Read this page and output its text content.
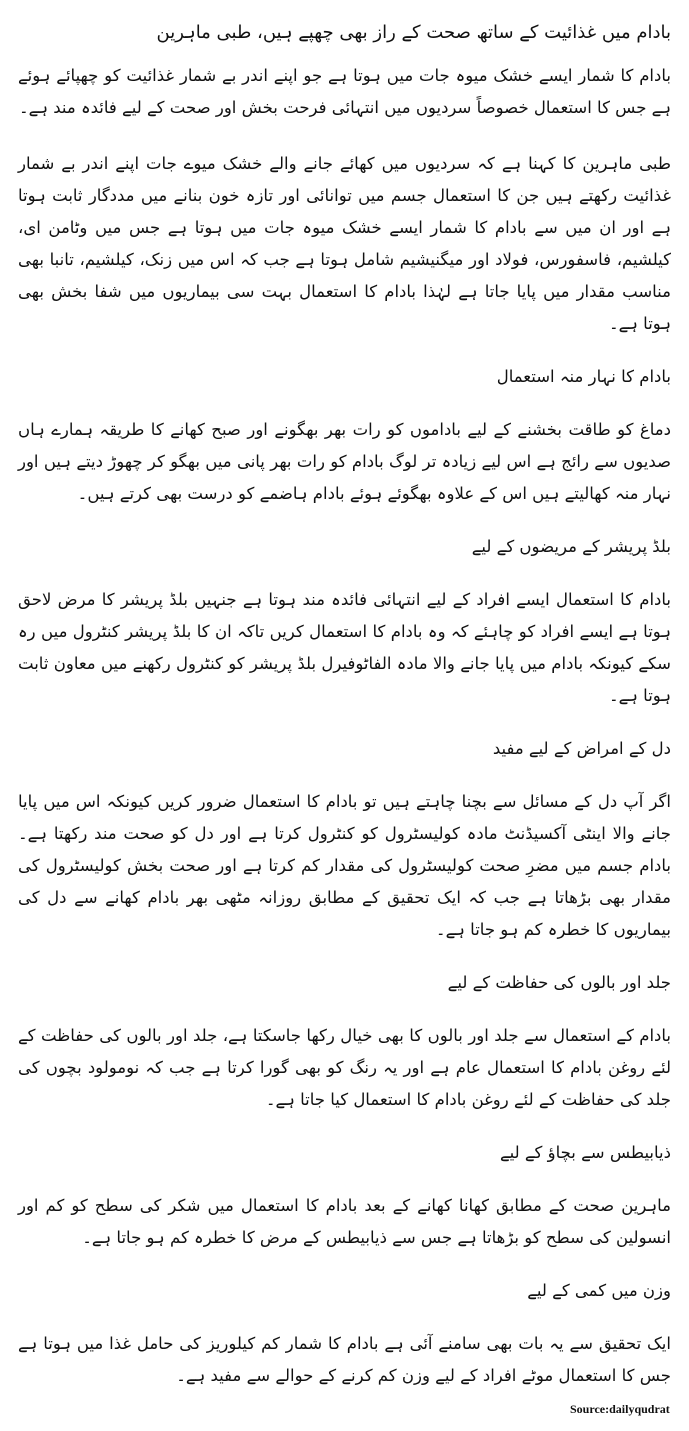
بادام میں غذائیت کے ساتھ صحت کے راز بھی چھپے ہیں، طبی ماہرین

بادام کا شمار ایسے خشک میوہ جات میں ہوتا ہے جو اپنے اندر بے شمار غذائیت کو چھپائے ہوئے ہے جس کا استعمال خصوصاً سردیوں میں انتہائی فرحت بخش اور صحت کے لیے فائدہ مند ہے۔

طبی ماہرین کا کہنا ہے کہ سردیوں میں کھائے جانے والے خشک میوے جات اپنے اندر بے شمار غذائیت رکھتے ہیں جن کا استعمال جسم میں توانائی اور تازہ خون بنانے میں مددگار ثابت ہوتا ہے اور ان میں سے بادام کا شمار ایسے خشک میوہ جات میں ہوتا ہے جس میں وٹامن ای، کیلشیم، فاسفورس، فولاد اور میگنیشیم شامل ہوتا ہے جب کہ اس میں زنک، کیلشیم، تانبا بھی مناسب مقدار میں پایا جاتا ہے لہٰذا بادام کا استعمال بہت سی بیماریوں میں شفا بخش بھی ہوتا ہے۔

بادام کا نہار منہ استعمال

دماغ کو طاقت بخشنے کے لیے باداموں کو رات بھر بھگونے اور صبح کھانے کا طریقہ ہمارے ہاں صدیوں سے رائج ہے اس لیے زیادہ تر لوگ بادام کو رات بھر پانی میں بھگو کر چھوڑ دیتے ہیں اور نہار منہ کھالیتے ہیں اس کے علاوہ بھگوئے ہوئے بادام ہاضمے کو درست بھی کرتے ہیں۔

بلڈ پریشر کے مریضوں کے لیے

بادام کا استعمال ایسے افراد کے لیے انتہائی فائدہ مند ہوتا ہے جنہیں بلڈ پریشر کا مرض لاحق ہوتا ہے ایسے افراد کو چاہئے کہ وہ بادام کا استعمال کریں تاکہ ان کا بلڈ پریشر کنٹرول میں رہ سکے کیونکہ بادام میں پایا جانے والا مادہ الفاٹوفیرل بلڈ پریشر کو کنٹرول رکھنے میں معاون ثابت ہوتا ہے۔

دل کے امراض کے لیے مفید

اگر آپ دل کے مسائل سے بچنا چاہتے ہیں تو بادام کا استعمال ضرور کریں کیونکہ اس میں پایا جانے والا اینٹی آکسیڈنٹ مادہ کولیسٹرول کو کنٹرول کرتا ہے اور دل کو صحت مند رکھتا ہے۔ بادام جسم میں مضرِ صحت کولیسٹرول کی مقدار کم کرتا ہے اور صحت بخش کولیسٹرول کی مقدار بھی بڑھاتا ہے جب کہ ایک تحقیق کے مطابق روزانہ مٹھی بھر بادام کھانے سے دل کی بیماریوں کا خطرہ کم ہو جاتا ہے۔

جلد اور بالوں کی حفاظت کے لیے

بادام کے استعمال سے جلد اور بالوں کا بھی خیال رکھا جاسکتا ہے، جلد اور بالوں کی حفاظت کے لئے روغن بادام کا استعمال عام ہے اور یہ رنگ کو بھی گورا کرتا ہے جب کہ نومولود بچوں کی جلد کی حفاظت کے لئے روغن بادام کا استعمال کیا جاتا ہے۔

ذیابیطس سے بچاؤ کے لیے

ماہرین صحت کے مطابق کھانا کھانے کے بعد بادام کا استعمال میں شکر کی سطح کو کم اور انسولین کی سطح کو بڑھاتا ہے جس سے ذیابیطس کے مرض کا خطرہ کم ہو جاتا ہے۔

وزن میں کمی کے لیے

ایک تحقیق سے یہ بات بھی سامنے آئی ہے بادام کا شمار کم کیلوریز کی حامل غذا میں ہوتا ہے جس کا استعمال موٹے افراد کے لیے وزن کم کرنے کے حوالے سے مفید ہے۔

Source:dailyqudrat
